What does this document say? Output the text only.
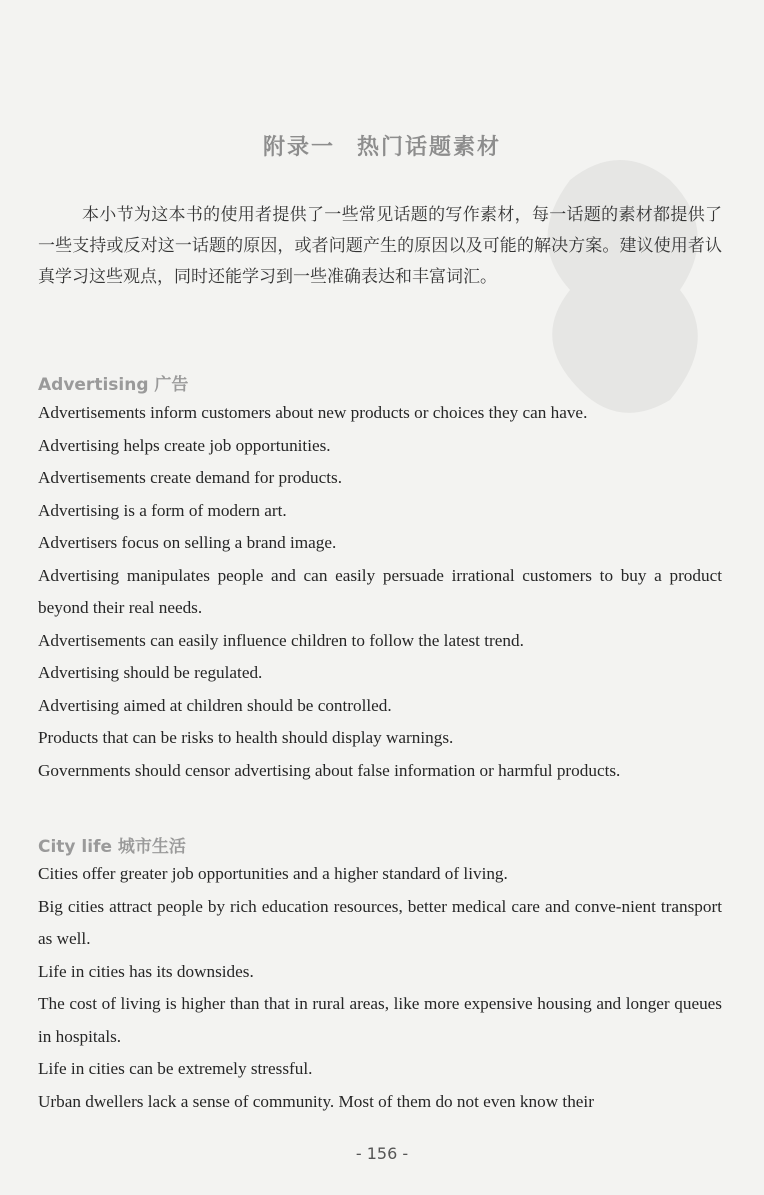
附录一 热门话题素材

本小节为这本书的使用者提供了一些常见话题的写作素材，每一话题的素材都提供了一些支持或反对这一话题的原因，或者问题产生的原因以及可能的解决方案。建议使用者认真学习这些观点，同时还能学习到一些准确表达和丰富词汇。

Advertising 广告
Advertisements inform customers about new products or choices they can have.
Advertising helps create job opportunities.
Advertisements create demand for products.
Advertising is a form of modern art.
Advertisers focus on selling a brand image.
Advertising manipulates people and can easily persuade irrational customers to buy a product beyond their real needs.
Advertisements can easily influence children to follow the latest trend.
Advertising should be regulated.
Advertising aimed at children should be controlled.
Products that can be risks to health should display warnings.
Governments should censor advertising about false information or harmful products.
City life 城市生活
Cities offer greater job opportunities and a higher standard of living.
Big cities attract people by rich education resources, better medical care and conve-nient transport as well.
Life in cities has its downsides.
The cost of living is higher than that in rural areas, like more expensive housing and longer queues in hospitals.
Life in cities can be extremely stressful.
Urban dwellers lack a sense of community. Most of them do not even know their
- 156 -
